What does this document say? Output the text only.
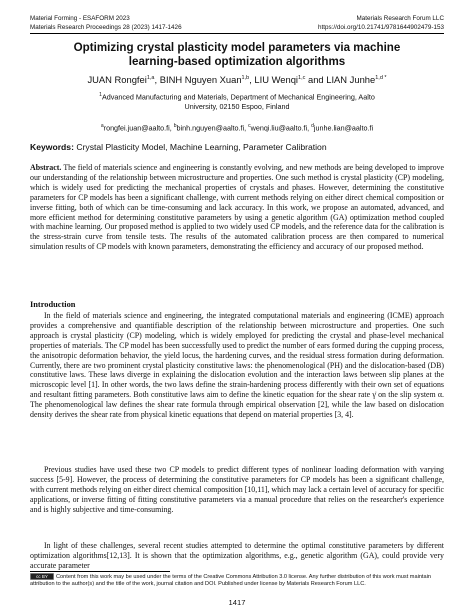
Material Forming - ESAFORM 2023	Materials Research Forum LLC
Materials Research Proceedings 28 (2023) 1417-1426	https://doi.org/10.21741/9781644902479-153
Optimizing crystal plasticity model parameters via machine
learning-based optimization algorithms
JUAN Rongfei$^{1,a}$, BINH Nguyen Xuan$^{1,b}$, LIU Wenqi$^{1,c}$ and LIAN Junhe$^{1,d *}$
$^1$Advanced Manufacturing and Materials, Department of Mechanical Engineering, Aalto
University, 02150 Espoo, Finland
$^a$rongfei.juan@aalto.fi, $^b$binh.nguyen@aalto.fi, $^c$wenqi.liu@aalto.fi, $^d$junhe.lian@aalto.fi
Keywords: Crystal Plasticity Model, Machine Learning, Parameter Calibration
Abstract. The field of materials science and engineering is constantly evolving, and new methods are being developed to improve our understanding of the relationship between microstructure and properties. One such method is crystal plasticity (CP) modeling, which is widely used for predicting the mechanical properties of crystals and phases. However, determining the constitutive parameters for CP models has been a significant challenge, with current methods relying on either direct chemical composition or inverse fitting, both of which can be time-consuming and lack accuracy. In this work, we propose an automated, advanced, and more efficient method for determining constitutive parameters by using a genetic algorithm (GA) optimization method coupled with machine learning. Our proposed method is applied to two widely used CP models, and the reference data for the calibration is the stress-strain curve from tensile tests. The results of the automated calibration process are then compared to numerical simulation results of CP models with known parameters, demonstrating the efficiency and accuracy of our proposed method.
Introduction
In the field of materials science and engineering, the integrated computational materials and engineering (ICME) approach provides a comprehensive and quantifiable description of the relationship between microstructure and properties. One such approach is crystal plasticity (CP) modeling, which is widely employed for predicting the crystal and phase-level mechanical properties of materials. The CP model has been successfully used to predict the number of ears formed during the cupping process, the anisotropic deformation behavior, the yield locus, the hardening curves, and the residual stress formation during deformation. Currently, there are two prominent crystal plasticity constitutive laws: the phenomenological (PH) and the dislocation-based (DB) constitutive laws. These laws diverge in explaining the dislocation evolution and the interaction laws between slip planes at the microscopic level [1]. In other words, the two laws define the strain-hardening process differently with their own set of equations and resultant fitting parameters. Both constitutive laws aim to define the kinetic equation for the shear rate γ̇ on the slip system α. The phenomenological law defines the shear rate formula through empirical observation [2], while the law based on dislocation density derives the shear rate from physical kinetic equations that depend on material properties [3, 4].
Previous studies have used these two CP models to predict different types of nonlinear loading deformation with varying success [5-9]. However, the process of determining the constitutive parameters for CP models has been a significant challenge, with current methods relying on either direct chemical composition [10,11], which may lack a certain level of accuracy for specific applications, or inverse fitting of fitting constitutive parameters via a manual procedure that relies on the researcher's experience and is highly subjective and time-consuming.
In light of these challenges, several recent studies attempted to determine the optimal constitutive parameters by different optimization algorithms[12,13]. It is shown that the optimization algorithms, e.g., genetic algorithm (GA), could provide very accurate parameter
cc BY Content from this work may be used under the terms of the Creative Commons Attribution 3.0 license. Any further distribution of this work must maintain attribution to the author(s) and the title of the work, journal citation and DOI. Published under license by Materials Research Forum LLC.
1417
